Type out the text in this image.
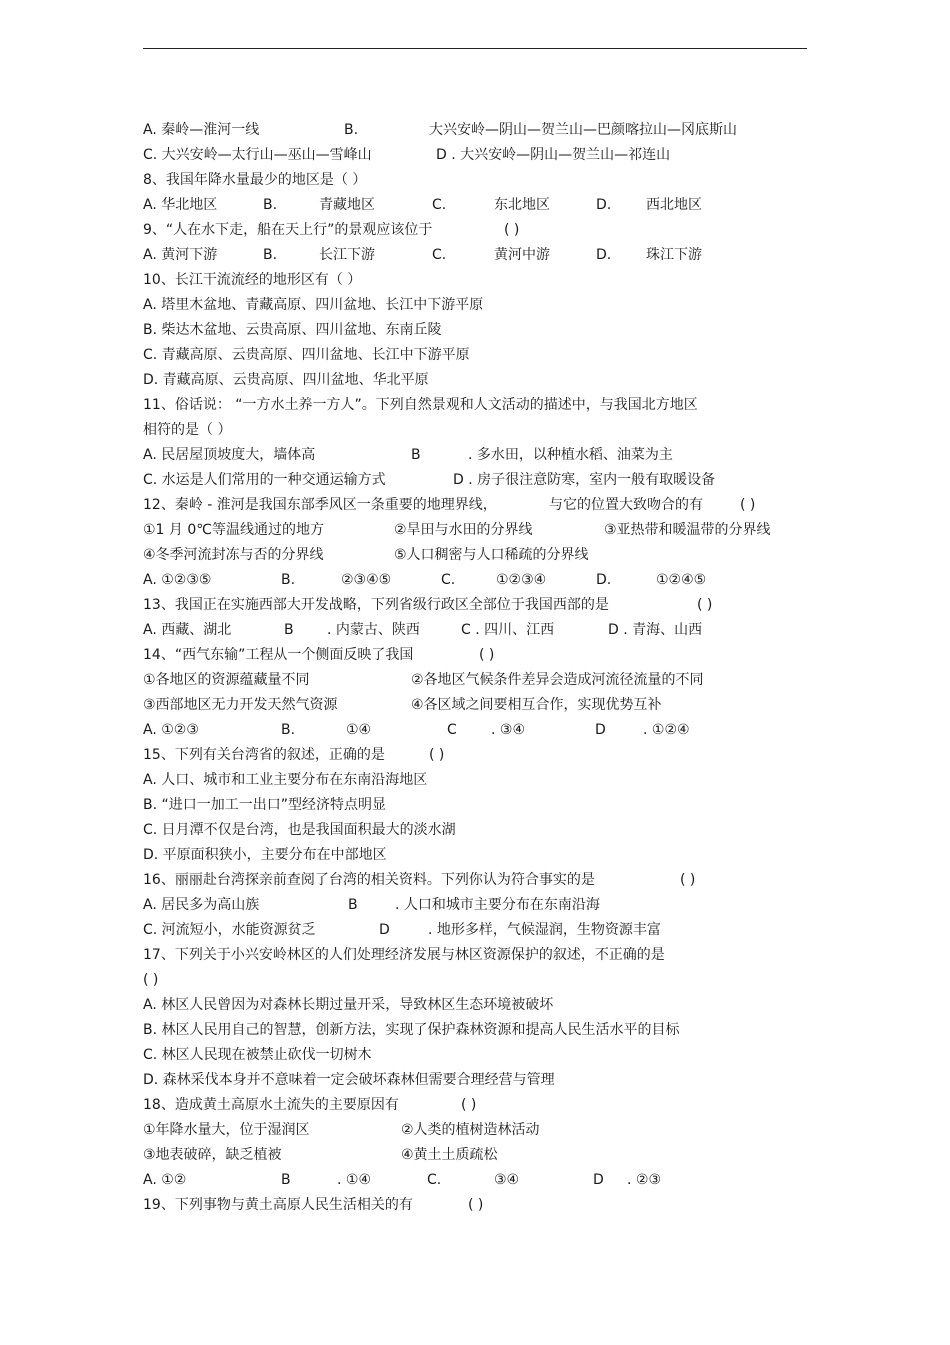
A. 秦岭—淮河一线	B.	大兴安岭—阴山—贺兰山—巴颜喀拉山—冈底斯山
C. 大兴安岭—太行山—巫山—雪峰山	D . 大兴安岭—阴山—贺兰山—祁连山
8、我国年降水量最少的地区是（ ）
A. 华北地区	B.	青藏地区	C.	东北地区	D. 西北地区
9、“人在水下走，船在天上行”的景观应该位于	( )
A. 黄河下游	B.	长江下游	C.	黄河中游	D. 珠江下游
10、长江干流流经的地形区有（ ）
A. 塔里木盆地、青藏高原、四川盆地、长江中下游平原
B. 柴达木盆地、云贵高原、四川盆地、东南丘陵
C. 青藏高原、云贵高原、四川盆地、长江中下游平原
D. 青藏高原、云贵高原、四川盆地、华北平原
11、俗话说： “一方水土养一方人”。下列自然景观和人文活动的描述中，与我国北方地区
相符的是（ ）
A. 民居屋顶坡度大，墙体高	B	. 多水田，以种植水稻、油菜为主
C. 水运是人们常用的一种交通运输方式	D . 房子很注意防寒，室内一般有取暖设备
12、秦岭 - 淮河是我国东部季风区一条重要的地理界线，	与它的位置大致吻合的有	( )
①1 月 0℃等温线通过的地方	②旱田与水田的分界线	③亚热带和暖温带的分界线
④冬季河流封冻与否的分界线	⑤人口稠密与人口稀疏的分界线
A. ①②③⑤	B.	②③④⑤	C.	①②③④	D.	①②④⑤
13、我国正在实施西部大开发战略，下列省级行政区全部位于我国西部的是	( )
A. 西藏、湖北	B . 内蒙古、陕西	C . 四川、江西	D . 青海、山西
14、“西气东输”工程从一个侧面反映了我国	( )
①各地区的资源蕴藏量不同	②各地区气候条件差异会造成河流径流量的不同
③西部地区无力开发天然气资源	④各区域之间要相互合作，实现优势互补
A. ①②③	B.	①④	C . ③④	D	. ①②④
15、下列有关台湾省的叙述，正确的是	( )
A. 人口、城市和工业主要分布在东南沿海地区
B. “进口一加工一出口”型经济特点明显
C. 日月潭不仅是台湾，也是我国面积最大的淡水湖
D. 平原面积狭小，主要分布在中部地区
16、丽丽赴台湾探亲前查阅了台湾的相关资料。下列你认为符合事实的是	( )
A. 居民多为高山族	B	. 人口和城市主要分布在东南沿海
C. 河流短小，水能资源贫乏	D	. 地形多样，气候湿润，生物资源丰富
17、下列关于小兴安岭林区的人们处理经济发展与林区资源保护的叙述，不正确的是
( )
A. 林区人民曾因为对森林长期过量开采，导致林区生态环境被破坏
B. 林区人民用自己的智慧，创新方法，实现了保护森林资源和提高人民生活水平的目标
C. 林区人民现在被禁止砍伐一切树木
D. 森林采伐本身并不意味着一定会破坏森林但需要合理经营与管理
18、造成黄土高原水土流失的主要原因有	( )
①年降水量大，位于湿润区	②人类的植树造林活动
③地表破碎，缺乏植被	④黄土土质疏松
A. ①②	B	. ①④	C.	③④	D . ②③
19、下列事物与黄土高原人民生活相关的有	( )
